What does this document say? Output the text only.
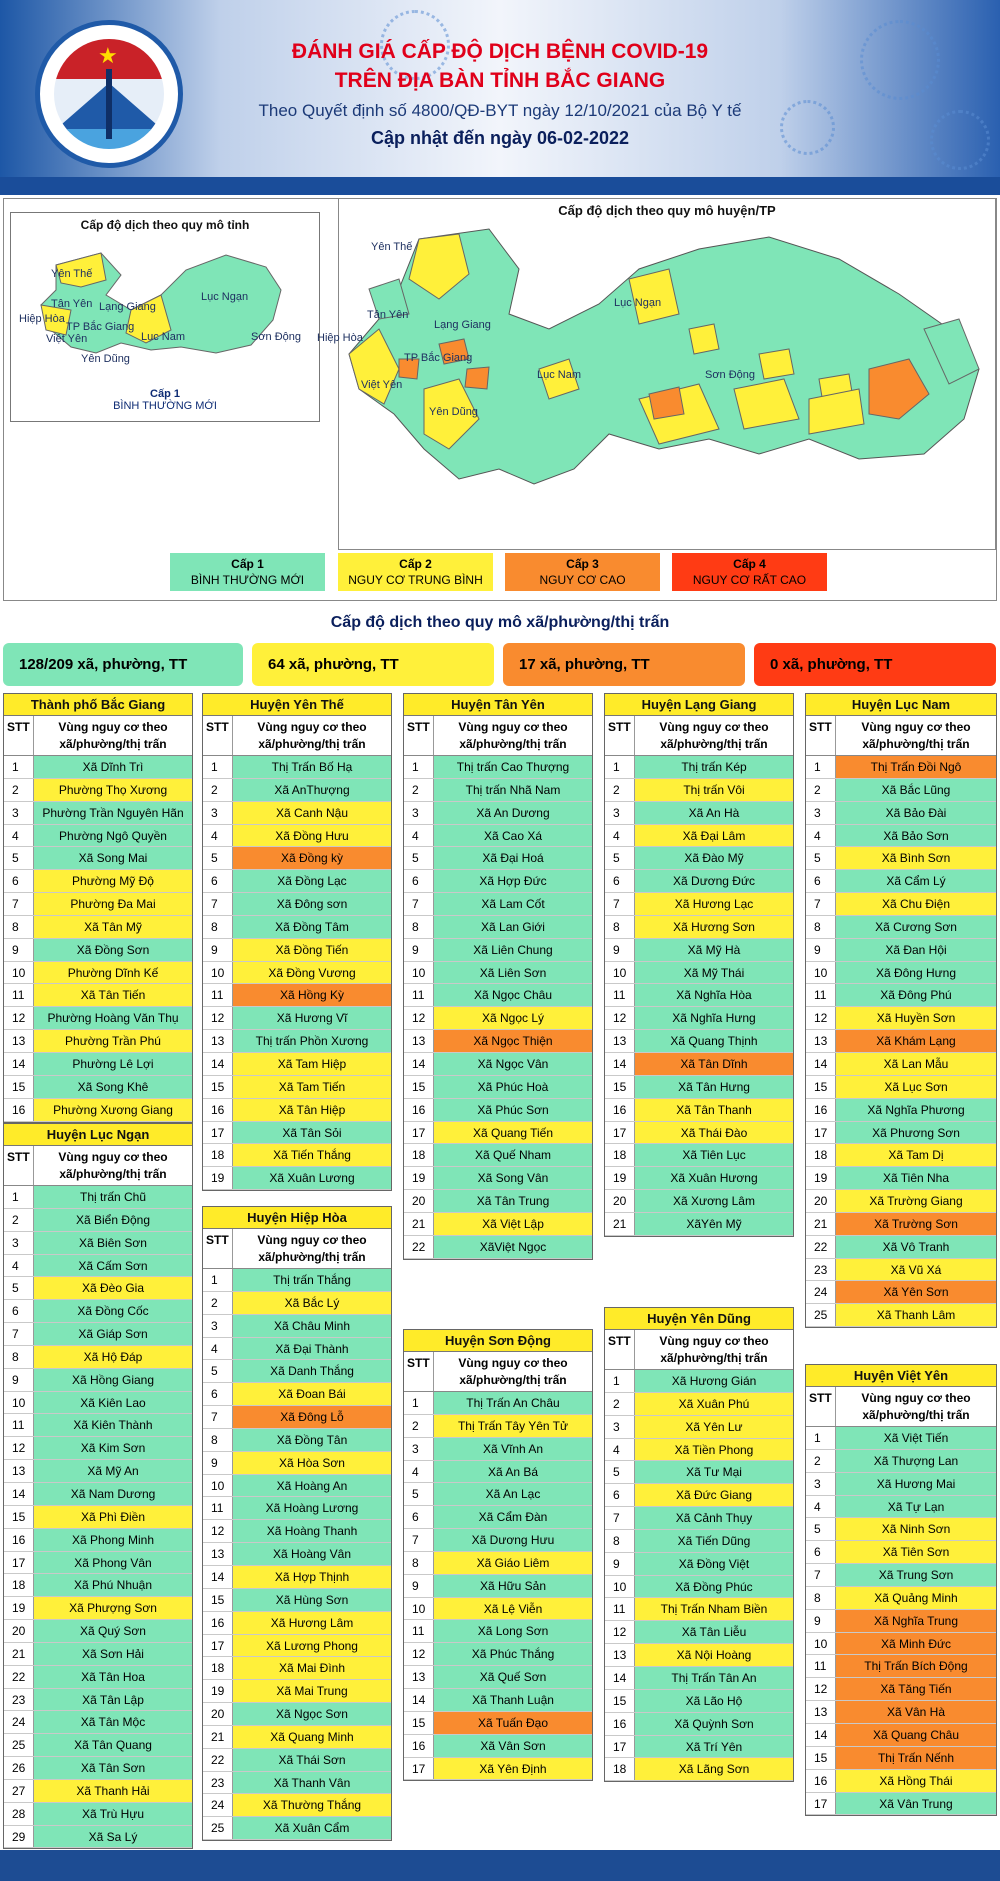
★	ĐÁNH GIÁ CẤP ĐỘ DỊCH BỆNH COVID-19
TRÊN ĐỊA BÀN TỈNH BẮC GIANG
Theo Quyết định số 4800/QĐ-BYT ngày 12/10/2021 của Bộ Y tế
Cập nhật đến ngày 06-02-2022
Cấp độ dịch theo quy mô tỉnh
Yên Thế
Tân Yên
Hiệp Hòa
Việt Yên
TP Bắc Giang
Lạng Giang
Yên Dũng
Lục Nam
Lục Ngạn
Sơn Động
Cấp 1
BÌNH THƯỜNG MỚI
Cấp độ dịch theo quy mô huyện/TP
Yên Thế
Tân Yên
Hiệp Hòa
Lạng Giang
TP Bắc Giang
Việt Yên
Yên Dũng
Lục Nam
Lục Ngạn
Sơn Động
Cấp 1
BÌNH THƯỜNG MỚI
Cấp 2
NGUY CƠ TRUNG BÌNH
Cấp 3
NGUY CƠ CAO
Cấp 4
NGUY CƠ RẤT CAO
Cấp độ dịch theo quy mô xã/phường/thị trấn
128/209 xã, phường, TT	64 xã, phường, TT	17 xã, phường, TT	0 xã, phường, TT
Thành phố Bắc Giang
STT	Vùng nguy cơ theo xã/phường/thị trấn
1	Xã Dĩnh Trì
2	Phường Thọ Xương
3	Phường Trần Nguyên Hãn
4	Phường Ngô Quyền
5	Xã Song Mai
6	Phường Mỹ Độ
7	Phường Đa Mai
8	Xã Tân Mỹ
9	Xã Đồng Sơn
10	Phường Dĩnh Kế
11	Xã Tân Tiến
12	Phường Hoàng Văn Thụ
13	Phường Trần Phú
14	Phường Lê Lợi
15	Xã Song Khê
16	Phường Xương Giang
Huyện Lục Ngạn
STT	Vùng nguy cơ theo xã/phường/thị trấn
1	Thị trấn Chũ
2	Xã Biển Động
3	Xã Biên Sơn
4	Xã Cấm Sơn
5	Xã Đèo Gia
6	Xã Đồng Cốc
7	Xã Giáp Sơn
8	Xã Hộ Đáp
9	Xã Hồng Giang
10	Xã Kiên Lao
11	Xã Kiên Thành
12	Xã Kim Sơn
13	Xã Mỹ An
14	Xã Nam Dương
15	Xã Phì Điền
16	Xã Phong Minh
17	Xã Phong Vân
18	Xã Phú Nhuận
19	Xã Phượng Sơn
20	Xã Quý Sơn
21	Xã Sơn Hải
22	Xã Tân Hoa
23	Xã Tân Lập
24	Xã Tân Mộc
25	Xã Tân Quang
26	Xã Tân Sơn
27	Xã Thanh Hải
28	Xã Trù Hựu
29	Xã Sa Lý
Huyện Yên Thế
STT	Vùng nguy cơ theo xã/phường/thị trấn
1	Thị Trấn Bố Hạ
2	Xã AnThượng
3	Xã Canh Nậu
4	Xã Đồng Hưu
5	Xã Đồng kỳ
6	Xã Đồng Lạc
7	Xã Đông sơn
8	Xã Đồng Tâm
9	Xã Đồng Tiến
10	Xã Đồng Vương
11	Xã Hồng Kỳ
12	Xã Hương Vĩ
13	Thị trấn Phồn Xương
14	Xã Tam Hiệp
15	Xã Tam Tiến
16	Xã Tân Hiệp
17	Xã Tân Sỏi
18	Xã Tiến Thắng
19	Xã Xuân Lương
Huyện Hiệp Hòa
STT	Vùng nguy cơ theo xã/phường/thị trấn
1	Thị trấn Thắng
2	Xã Bắc Lý
3	Xã Châu Minh
4	Xã Đại Thành
5	Xã Danh Thắng
6	Xã Đoan Bái
7	Xã Đông Lỗ
8	Xã Đồng Tân
9	Xã Hòa Sơn
10	Xã Hoàng An
11	Xã Hoàng Lương
12	Xã Hoàng Thanh
13	Xã Hoàng Vân
14	Xã Hợp Thịnh
15	Xã Hùng Sơn
16	Xã Hương Lâm
17	Xã Lương Phong
18	Xã Mai Đình
19	Xã Mai Trung
20	Xã Ngọc Sơn
21	Xã Quang Minh
22	Xã Thái Sơn
23	Xã Thanh Vân
24	Xã Thường Thắng
25	Xã Xuân Cẩm
Huyện Tân Yên
STT	Vùng nguy cơ theo xã/phường/thị trấn
1	Thị trấn Cao Thượng
2	Thị trấn Nhã Nam
3	Xã An Dương
4	Xã Cao Xá
5	Xã Đại Hoá
6	Xã Hợp Đức
7	Xã Lam Cốt
8	Xã Lan Giới
9	Xã Liên Chung
10	Xã Liên Sơn
11	Xã Ngọc Châu
12	Xã Ngọc Lý
13	Xã Ngọc Thiện
14	Xã Ngọc Vân
15	Xã Phúc Hoà
16	Xã Phúc Sơn
17	Xã Quang Tiến
18	Xã Quế Nham
19	Xã Song Vân
20	Xã Tân Trung
21	Xã Việt Lập
22	XãViệt Ngọc
Huyện Sơn Động
STT	Vùng nguy cơ theo xã/phường/thị trấn
1	Thị Trấn An Châu
2	Thị Trấn Tây Yên Tử
3	Xã Vĩnh An
4	Xã An Bá
5	Xã An Lạc
6	Xã Cẩm Đàn
7	Xã Dương Hưu
8	Xã Giáo Liêm
9	Xã Hữu Sản
10	Xã Lệ Viễn
11	Xã Long Sơn
12	Xã Phúc Thắng
13	Xã Quế Sơn
14	Xã Thanh Luận
15	Xã Tuấn Đạo
16	Xã Vân Sơn
17	Xã Yên Định
Huyện Lạng Giang
STT	Vùng nguy cơ theo xã/phường/thị trấn
1	Thị trấn Kép
2	Thị trấn Vôi
3	Xã An Hà
4	Xã Đại Lâm
5	Xã Đào Mỹ
6	Xã Dương Đức
7	Xã Hương Lạc
8	Xã Hương Sơn
9	Xã Mỹ Hà
10	Xã Mỹ Thái
11	Xã Nghĩa Hòa
12	Xã Nghĩa Hưng
13	Xã Quang Thịnh
14	Xã Tân Dĩnh
15	Xã Tân Hưng
16	Xã Tân Thanh
17	Xã Thái Đào
18	Xã Tiên Lục
19	Xã Xuân Hương
20	Xã Xương Lâm
21	XãYên Mỹ
Huyện Yên Dũng
STT	Vùng nguy cơ theo xã/phường/thị trấn
1	Xã Hương Gián
2	Xã Xuân Phú
3	Xã Yên Lư
4	Xã Tiền Phong
5	Xã Tư Mại
6	Xã Đức Giang
7	Xã Cảnh Thụy
8	Xã Tiến Dũng
9	Xã Đồng Việt
10	Xã Đồng Phúc
11	Thị Trấn Nham Biền
12	Xã Tân Liễu
13	Xã Nội Hoàng
14	Thị Trấn Tân An
15	Xã Lão Hộ
16	Xã Quỳnh Sơn
17	Xã Trí Yên
18	Xã Lãng Sơn
Huyện Lục Nam
STT	Vùng nguy cơ theo xã/phường/thị trấn
1	Thị Trấn Đồi Ngô
2	Xã Bắc Lũng
3	Xã Bảo Đài
4	Xã Bảo Sơn
5	Xã Bình Sơn
6	Xã Cẩm Lý
7	Xã Chu Điện
8	Xã Cương Sơn
9	Xã Đan Hội
10	Xã Đông Hưng
11	Xã Đông Phú
12	Xã Huyền Sơn
13	Xã Khám Lạng
14	Xã Lan Mẫu
15	Xã Lục Sơn
16	Xã Nghĩa Phương
17	Xã Phương Sơn
18	Xã Tam Dị
19	Xã Tiên Nha
20	Xã Trường Giang
21	Xã Trường Sơn
22	Xã Vô Tranh
23	Xã Vũ Xá
24	Xã Yên Sơn
25	Xã Thanh Lâm
Huyện Việt Yên
STT	Vùng nguy cơ theo xã/phường/thị trấn
1	Xã Việt Tiến
2	Xã Thượng Lan
3	Xã Hương Mai
4	Xã Tự Lạn
5	Xã Ninh Sơn
6	Xã Tiên Sơn
7	Xã Trung Sơn
8	Xã Quảng Minh
9	Xã Nghĩa Trung
10	Xã Minh Đức
11	Thị Trấn Bích Động
12	Xã Tăng Tiến
13	Xã Vân Hà
14	Xã Quang Châu
15	Thị Trấn Nếnh
16	Xã Hồng Thái
17	Xã Vân Trung
